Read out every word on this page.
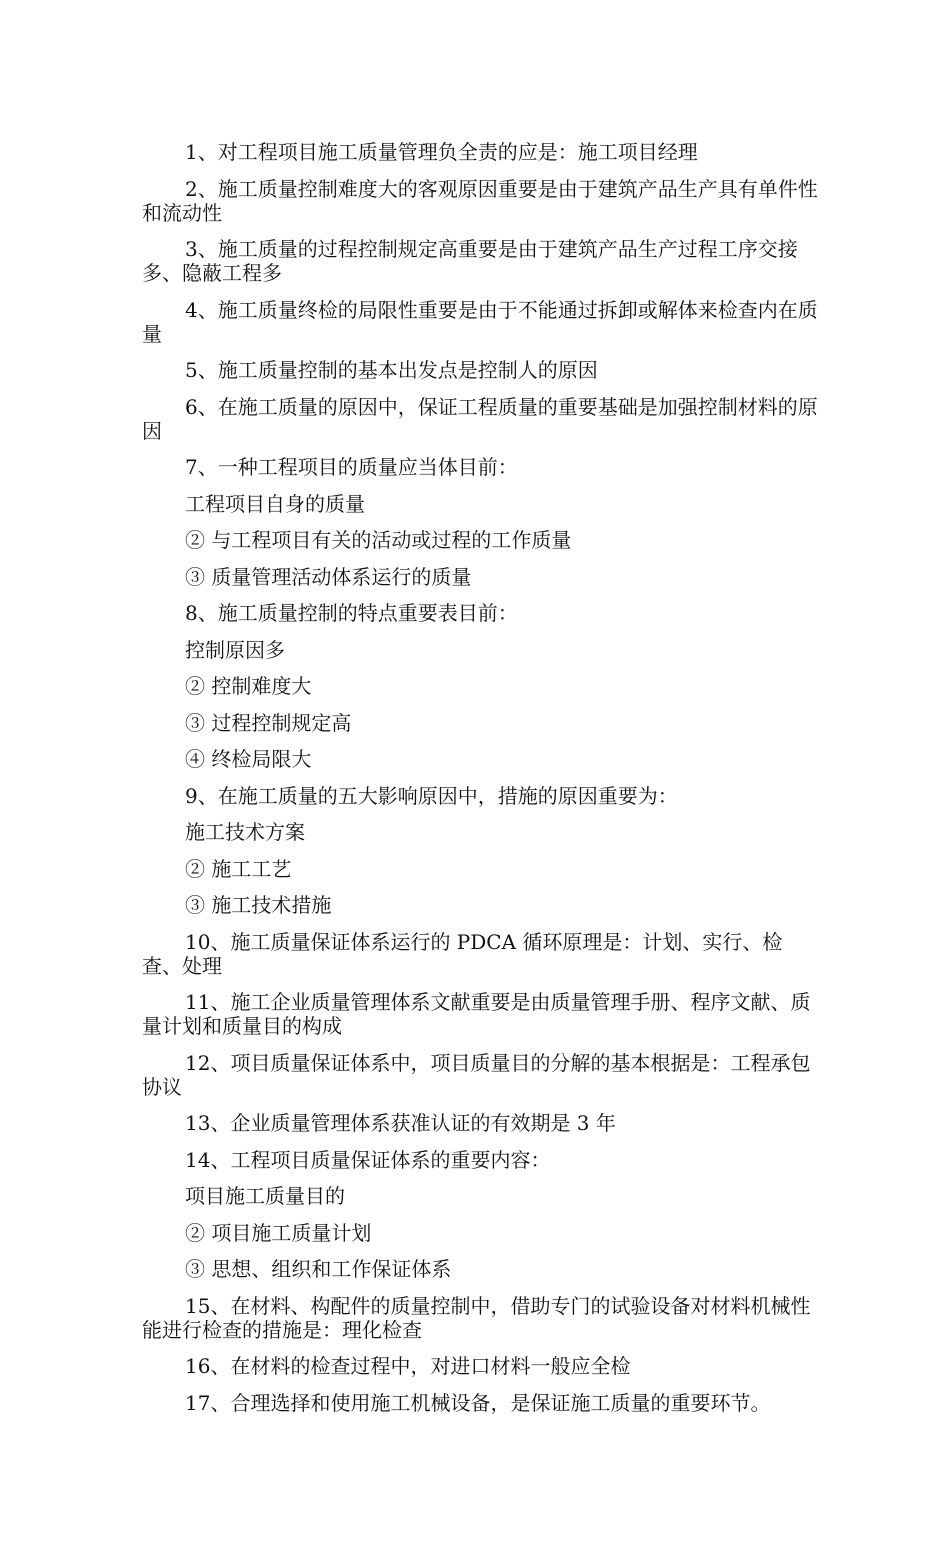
1、对工程项目施工质量管理负全责的应是：施工项目经理

2、施工质量控制难度大的客观原因重要是由于建筑产品生产具有单件性和流动性

3、施工质量的过程控制规定高重要是由于建筑产品生产过程工序交接多、隐蔽工程多

4、施工质量终检的局限性重要是由于不能通过拆卸或解体来检查内在质量

5、施工质量控制的基本出发点是控制人的原因

6、在施工质量的原因中，保证工程质量的重要基础是加强控制材料的原因

7、一种工程项目的质量应当体目前：

工程项目自身的质量

② 与工程项目有关的活动或过程的工作质量

③ 质量管理活动体系运行的质量

8、施工质量控制的特点重要表目前：

控制原因多

② 控制难度大

③ 过程控制规定高

④ 终检局限大

9、在施工质量的五大影响原因中，措施的原因重要为：

施工技术方案

② 施工工艺

③ 施工技术措施

10、施工质量保证体系运行的 PDCA 循环原理是：计划、实行、检查、处理

11、施工企业质量管理体系文献重要是由质量管理手册、程序文献、质量计划和质量目的构成

12、项目质量保证体系中，项目质量目的分解的基本根据是：工程承包协议

13、企业质量管理体系获准认证的有效期是 3 年

14、工程项目质量保证体系的重要内容：

项目施工质量目的

② 项目施工质量计划

③ 思想、组织和工作保证体系

15、在材料、构配件的质量控制中，借助专门的试验设备对材料机械性能进行检查的措施是：理化检查

16、在材料的检查过程中，对进口材料一般应全检

17、合理选择和使用施工机械设备，是保证施工质量的重要环节。
